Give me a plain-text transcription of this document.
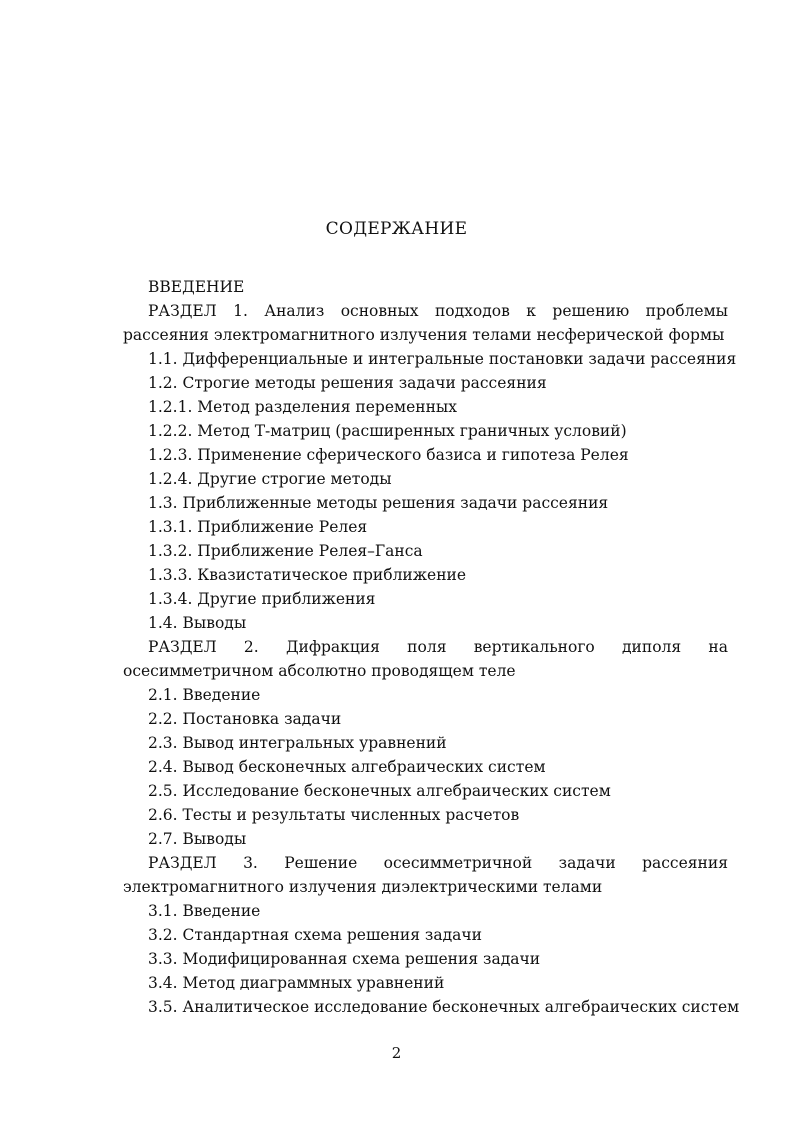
СОДЕРЖАНИЕ
ВВЕДЕНИЕ
РАЗДЕЛ 1. Анализ основных подходов к решению проблемы
рассеяния электромагнитного излучения телами несферической формы
1.1. Дифференциальные и интегральные постановки задачи рассеяния
1.2. Строгие методы решения задачи рассеяния
1.2.1. Метод разделения переменных
1.2.2. Метод Т-матриц (расширенных граничных условий)
1.2.3. Применение сферического базиса и гипотеза Релея
1.2.4. Другие строгие методы
1.3. Приближенные методы решения задачи рассеяния
1.3.1. Приближение Релея
1.3.2. Приближение Релея–Ганса
1.3.3. Квазистатическое приближение
1.3.4. Другие приближения
1.4. Выводы
РАЗДЕЛ 2. Дифракция поля вертикального диполя на
осесимметричном абсолютно проводящем теле
2.1. Введение
2.2. Постановка задачи
2.3. Вывод интегральных уравнений
2.4. Вывод бесконечных алгебраических систем
2.5. Исследование бесконечных алгебраических систем
2.6. Тесты и результаты численных расчетов
2.7. Выводы
РАЗДЕЛ 3. Решение осесимметричной задачи рассеяния
электромагнитного излучения диэлектрическими телами
3.1. Введение
3.2. Стандартная схема решения задачи
3.3. Модифицированная схема решения задачи
3.4. Метод диаграммных уравнений
3.5. Аналитическое исследование бесконечных алгебраических систем
2
